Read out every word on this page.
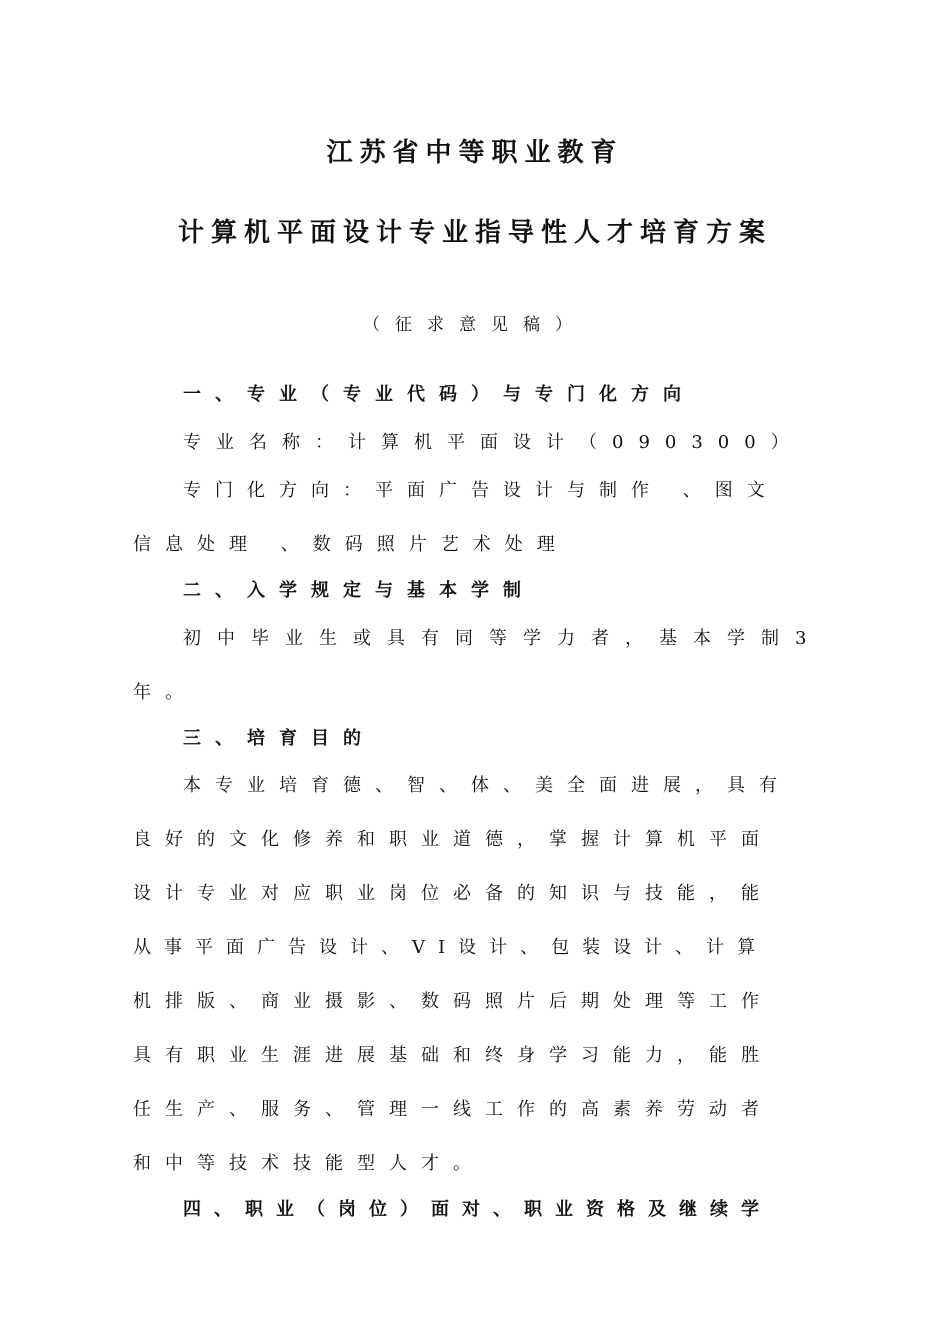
江苏省中等职业教育
计算机平面设计专业指导性人才培育方案
（征求意见稿）
一、专业（专业代码）与专门化方向
专业名称：计算机平面设计（090300）
专门化方向：平面广告设计与制作 、图文
信息处理 、数码照片艺术处理
二、入学规定与基本学制
初中毕业生或具有同等学力者，基本学制3
年。
三、培育目的
本专业培育德、智、体、美全面进展，具有
良好的文化修养和职业道德，掌握计算机平面
设计专业对应职业岗位必备的知识与技能，能
从事平面广告设计、VI设计、包装设计、计算
机排版、商业摄影、数码照片后期处理等工作
具有职业生涯进展基础和终身学习能力，能胜
任生产、服务、管理一线工作的高素养劳动者
和中等技术技能型人才。
四、职业（岗位）面对、职业资格及继续学
